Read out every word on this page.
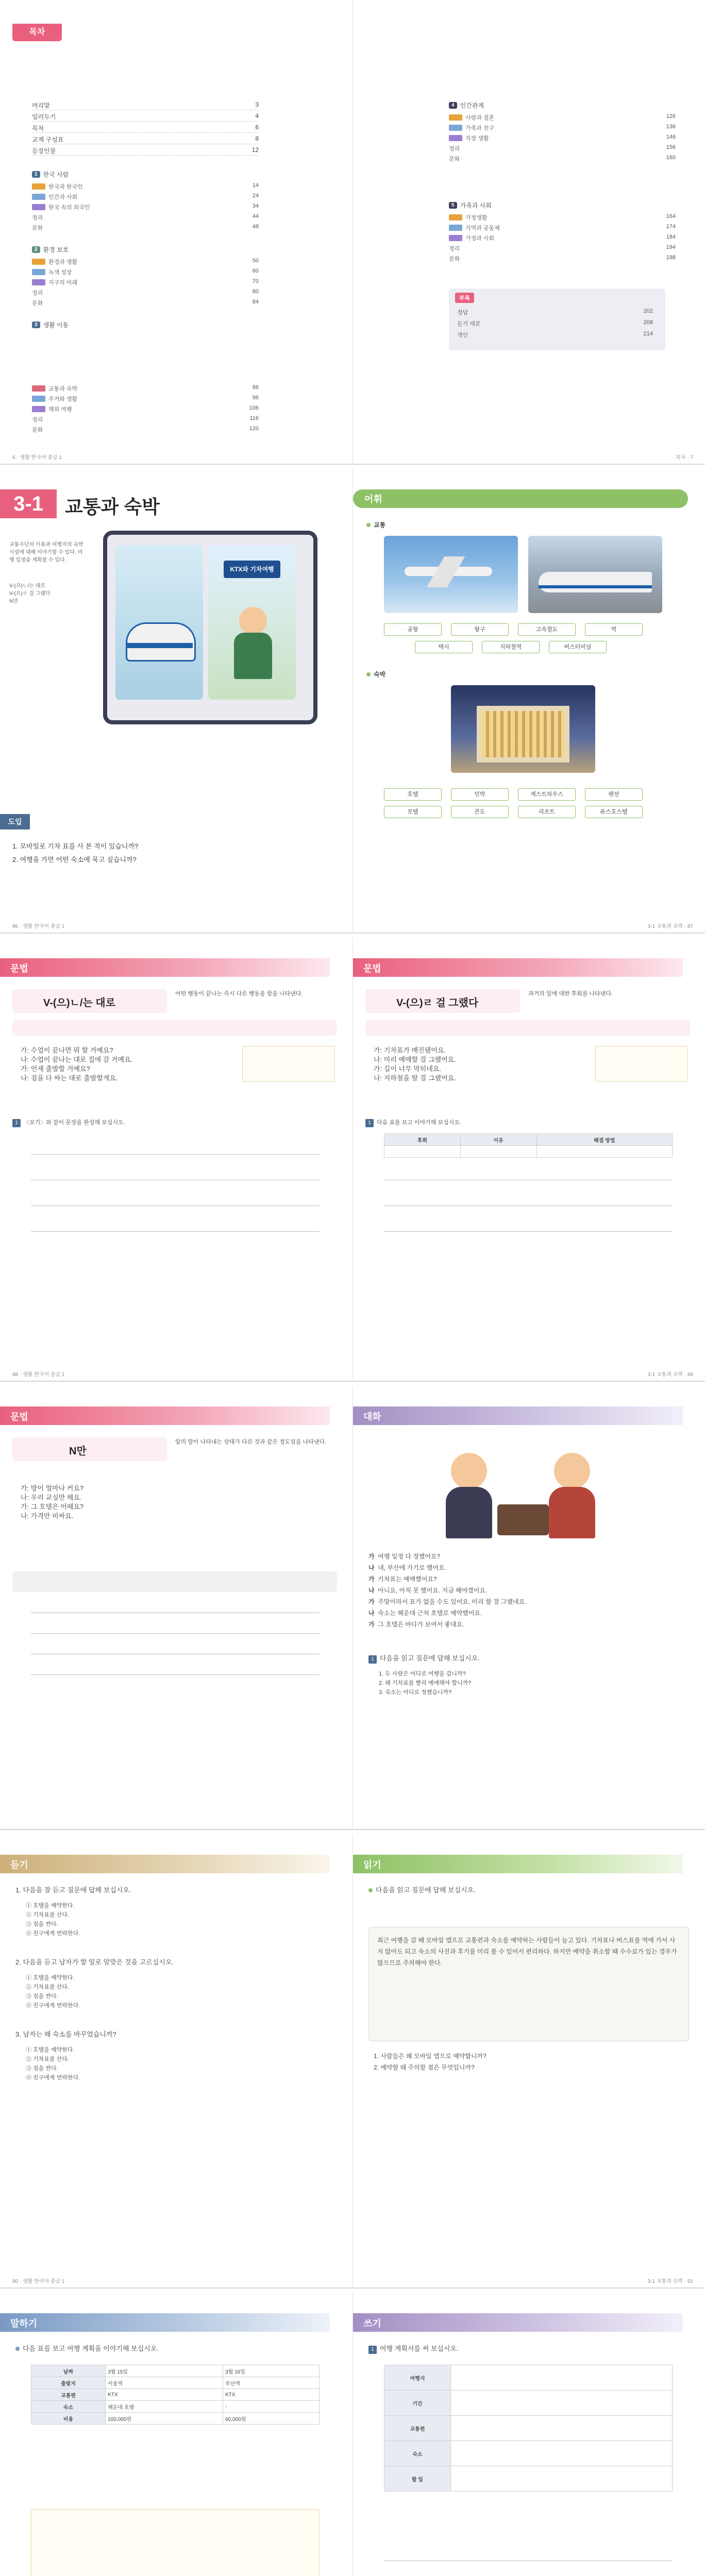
목차
머리말	3
일러두기	4
목차	6
교재 구성표	8
등장인물	12
1 한국 사람
한국과 한국인	14
인간과 사회	24
한국 속의 외국인	34
정리	44
문화	48
2 환경 보호
환경과 생활	50
녹색 성장	60
지구의 미래	70
정리	80
문화	84
3 생활 이동
교통과 숙박	86
주거와 생활	96
해외 여행	106
정리	116
문화	120
6 · 생활 한국어 중급 1
4 인간관계
사랑과 결혼	126
가족과 친구	136
직장 생활	146
정리	156
문화	160
5 가족과 사회
가정생활	164
지역과 공동체	174
가정과 사회	184
정리	194
문화	198
부록
정답	202
듣기 대본	208
색인	214
목차 · 7
3-1	교통과 숙박
교통수단의 이용과 여행지의 숙박 시설에 대해 이야기할 수 있다. 여행 일정을 계획할 수 있다.
V-(으)ㄴ/는 대로
V-(으)ㄹ 걸 그랬다
N만
KTX와 기차여행
도입
1. 모바일로 기차 표를 사 본 적이 있습니까?
2. 여행을 가면 어떤 숙소에 묵고 싶습니까?
86 · 생활 한국어 중급 1
어휘
교통
공항	항구	고속철도	역
택시	지하철역	버스터미널
숙박
호텔	민박	게스트하우스	펜션
모텔	콘도	리조트	유스호스텔
3-1 교통과 숙박 · 87
문법
V-(으)ㄴ/는 대로
어떤 행동이 끝나는 즉시 다른 행동을 함을 나타낸다.
가: 수업이 끝나면 뭐 할 거예요?
나: 수업이 끝나는 대로 집에 갈 거예요.
가: 언제 출발할 거예요?
나: 짐을 다 싸는 대로 출발할게요.
1 〈보기〉와 같이 문장을 완성해 보십시오.
88 · 생활 한국어 중급 1
문법
V-(으)ㄹ 걸 그랬다
과거의 일에 대한 후회를 나타낸다.
가: 기차표가 매진됐어요.
나: 미리 예매할 걸 그랬어요.
가: 길이 너무 막히네요.
나: 지하철을 탈 걸 그랬어요.
1 다음 표를 보고 이야기해 보십시오.
후회	이유	해결 방법

3-1 교통과 숙박 · 89
문법
N만
앞의 말이 나타내는 상태가 다른 것과 같은 정도임을 나타낸다.
가: 방이 얼마나 커요?
나: 우리 교실만 해요.
가: 그 호텔은 어때요?
나: 가격만 비싸요.
대화
가 여행 일정 다 정했어요?
나 네, 부산에 가기로 했어요.
가 기차표는 예매했어요?
나 아니요, 아직 못 했어요. 지금 해야겠어요.
가 주말이라서 표가 없을 수도 있어요. 미리 할 걸 그랬네요.
나 숙소는 해운대 근처 호텔로 예약했어요.
가 그 호텔은 바다가 보여서 좋대요.
1 다음을 읽고 질문에 답해 보십시오.
1. 두 사람은 어디로 여행을 갑니까?
2. 왜 기차표를 빨리 예매해야 합니까?
3. 숙소는 어디로 정했습니까?
듣기
1. 다음을 잘 듣고 질문에 답해 보십시오.
① 호텔을 예약한다.
② 기차표를 산다.
③ 짐을 싼다.
④ 친구에게 연락한다.
2. 다음을 듣고 남자가 할 일로 알맞은 것을 고르십시오.
① 호텔을 예약한다.
② 기차표를 산다.
③ 짐을 싼다.
④ 친구에게 연락한다.
3. 남자는 왜 숙소를 바꾸었습니까?
① 호텔을 예약한다.
② 기차표를 산다.
③ 짐을 싼다.
④ 친구에게 연락한다.
90 · 생활 한국어 중급 1
읽기
다음을 읽고 질문에 답해 보십시오.
최근 여행을 갈 때 모바일 앱으로 교통편과 숙소를 예약하는 사람들이 늘고 있다. 기차표나 버스표를 역에 가서 사지 않아도 되고 숙소의 사진과 후기를 미리 볼 수 있어서 편리하다. 하지만 예약을 취소할 때 수수료가 있는 경우가 많으므로 주의해야 한다.
1. 사람들은 왜 모바일 앱으로 예약합니까?
2. 예약할 때 주의할 점은 무엇입니까?
3-1 교통과 숙박 · 91
말하기
다음 표를 보고 여행 계획을 이야기해 보십시오.
날짜	3월 15일	3월 16일
출발지	서울역	부산역
교통편	KTX	KTX
숙소	해운대 호텔	-
비용	100,000원	60,000원
쓰기
1 여행 계획서를 써 보십시오.
여행지	
기간	
교통편	
숙소	
할 일	
